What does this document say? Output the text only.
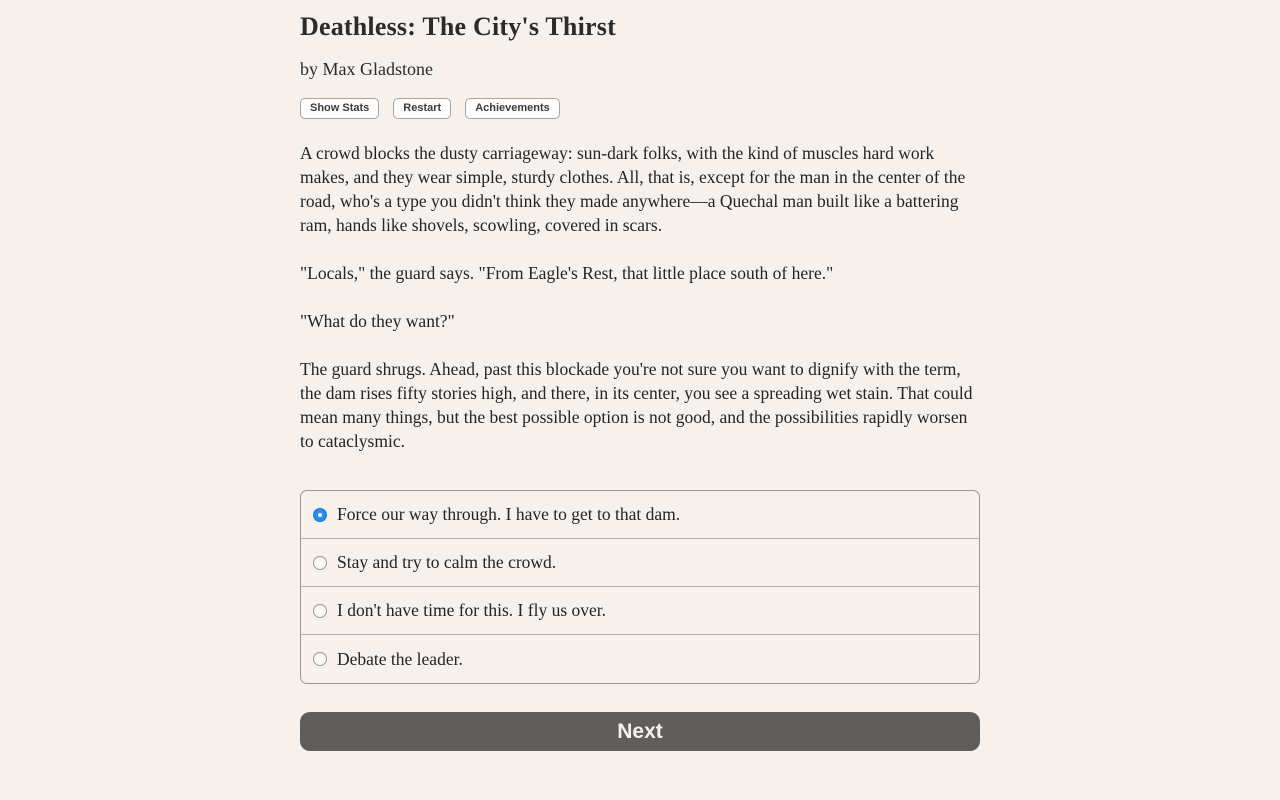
Deathless: The City's Thirst

by Max Gladstone

Show Stats	Restart	Achievements

A crowd blocks the dusty carriageway: sun-dark folks, with the kind of muscles hard work makes, and they wear simple, sturdy clothes. All, that is, except for the man in the center of the road, who's a type you didn't think they made anywhere—a Quechal man built like a battering ram, hands like shovels, scowling, covered in scars.

"Locals," the guard says. "From Eagle's Rest, that little place south of here."

"What do they want?"

The guard shrugs. Ahead, past this blockade you're not sure you want to dignify with the term, the dam rises fifty stories high, and there, in its center, you see a spreading wet stain. That could mean many things, but the best possible option is not good, and the possibilities rapidly worsen to cataclysmic.

Force our way through. I have to get to that dam.
Stay and try to calm the crowd.
I don't have time for this. I fly us over.
Debate the leader.
Next
